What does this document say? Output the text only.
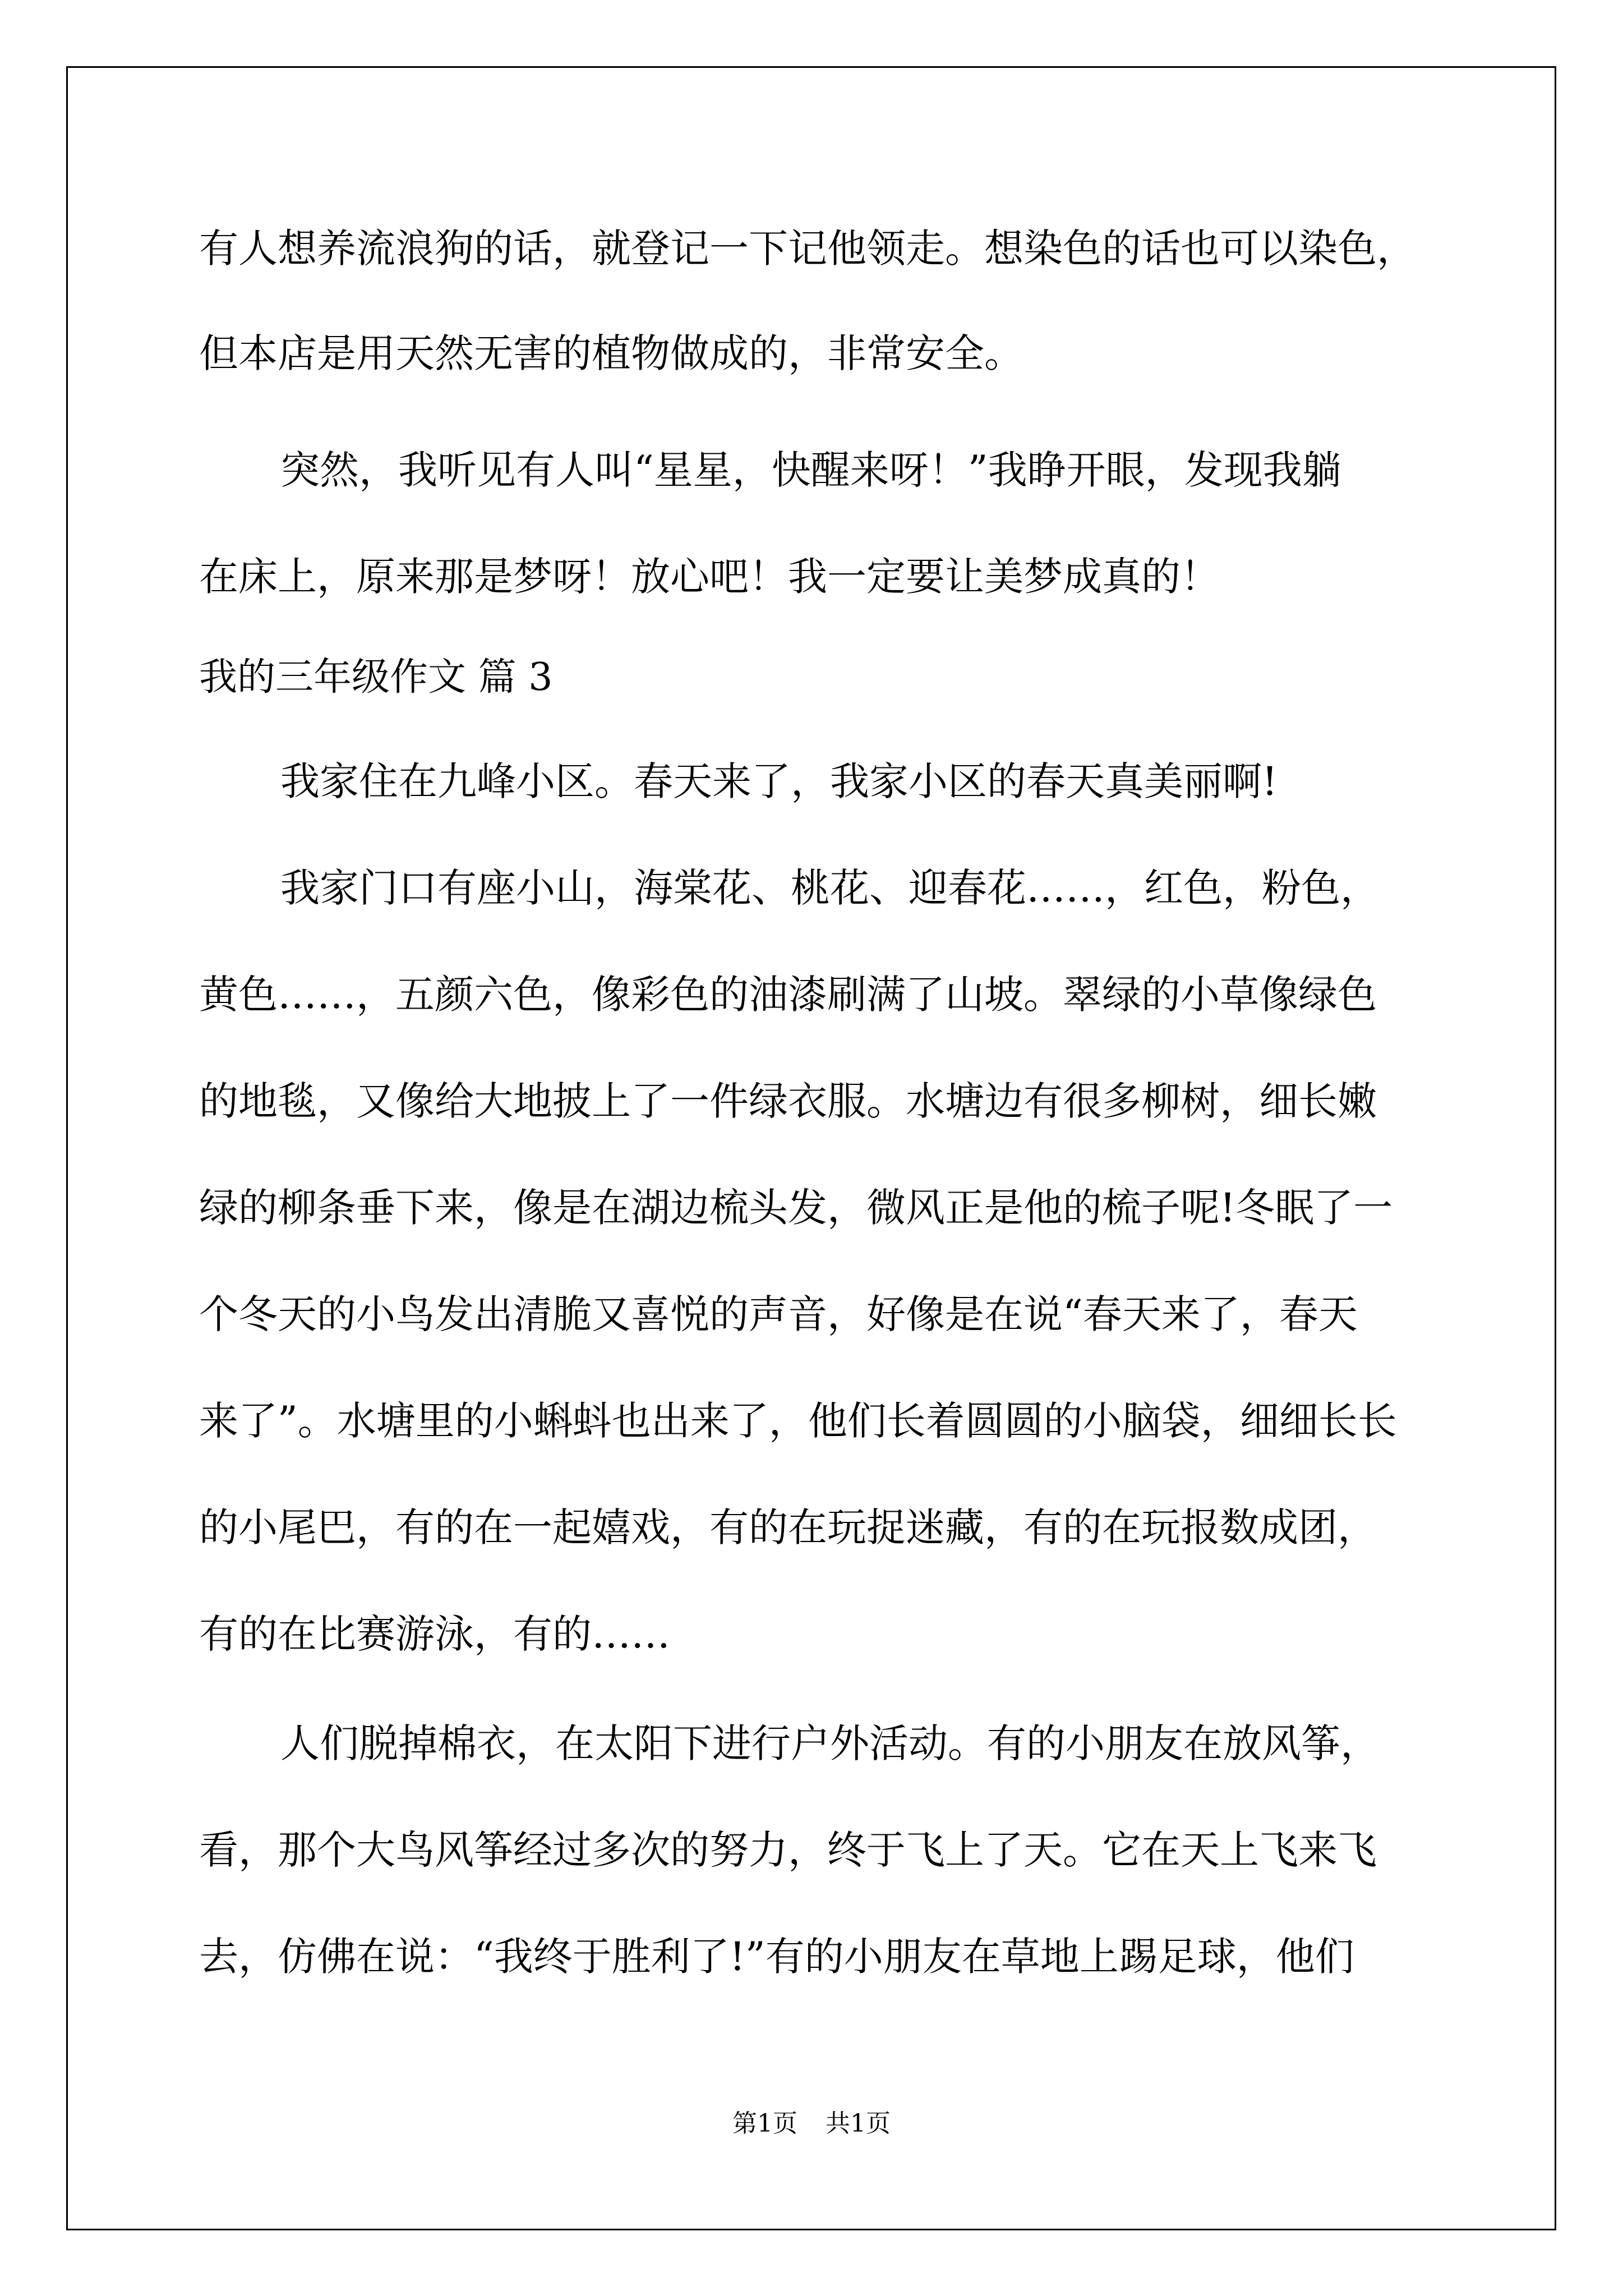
有人想养流浪狗的话，就登记一下记他领走。想染色的话也可以染色，
但本店是用天然无害的植物做成的，非常安全。
突然，我听见有人叫“星星，快醒来呀！”我睁开眼，发现我躺
在床上，原来那是梦呀！放心吧！我一定要让美梦成真的！
我的三年级作文 篇 3
我家住在九峰小区。春天来了，我家小区的春天真美丽啊!
我家门口有座小山，海棠花、桃花、迎春花……，红色，粉色，
黄色……，五颜六色，像彩色的油漆刷满了山坡。翠绿的小草像绿色
的地毯，又像给大地披上了一件绿衣服。水塘边有很多柳树，细长嫩
绿的柳条垂下来，像是在湖边梳头发，微风正是他的梳子呢!冬眠了一
个冬天的小鸟发出清脆又喜悦的声音，好像是在说“春天来了，春天
来了”。水塘里的小蝌蚪也出来了，他们长着圆圆的小脑袋，细细长长
的小尾巴，有的在一起嬉戏，有的在玩捉迷藏，有的在玩报数成团，
有的在比赛游泳，有的……
人们脱掉棉衣，在太阳下进行户外活动。有的小朋友在放风筝，
看，那个大鸟风筝经过多次的努力，终于飞上了天。它在天上飞来飞
去，仿佛在说：“我终于胜利了!”有的小朋友在草地上踢足球，他们
第1页 共1页
